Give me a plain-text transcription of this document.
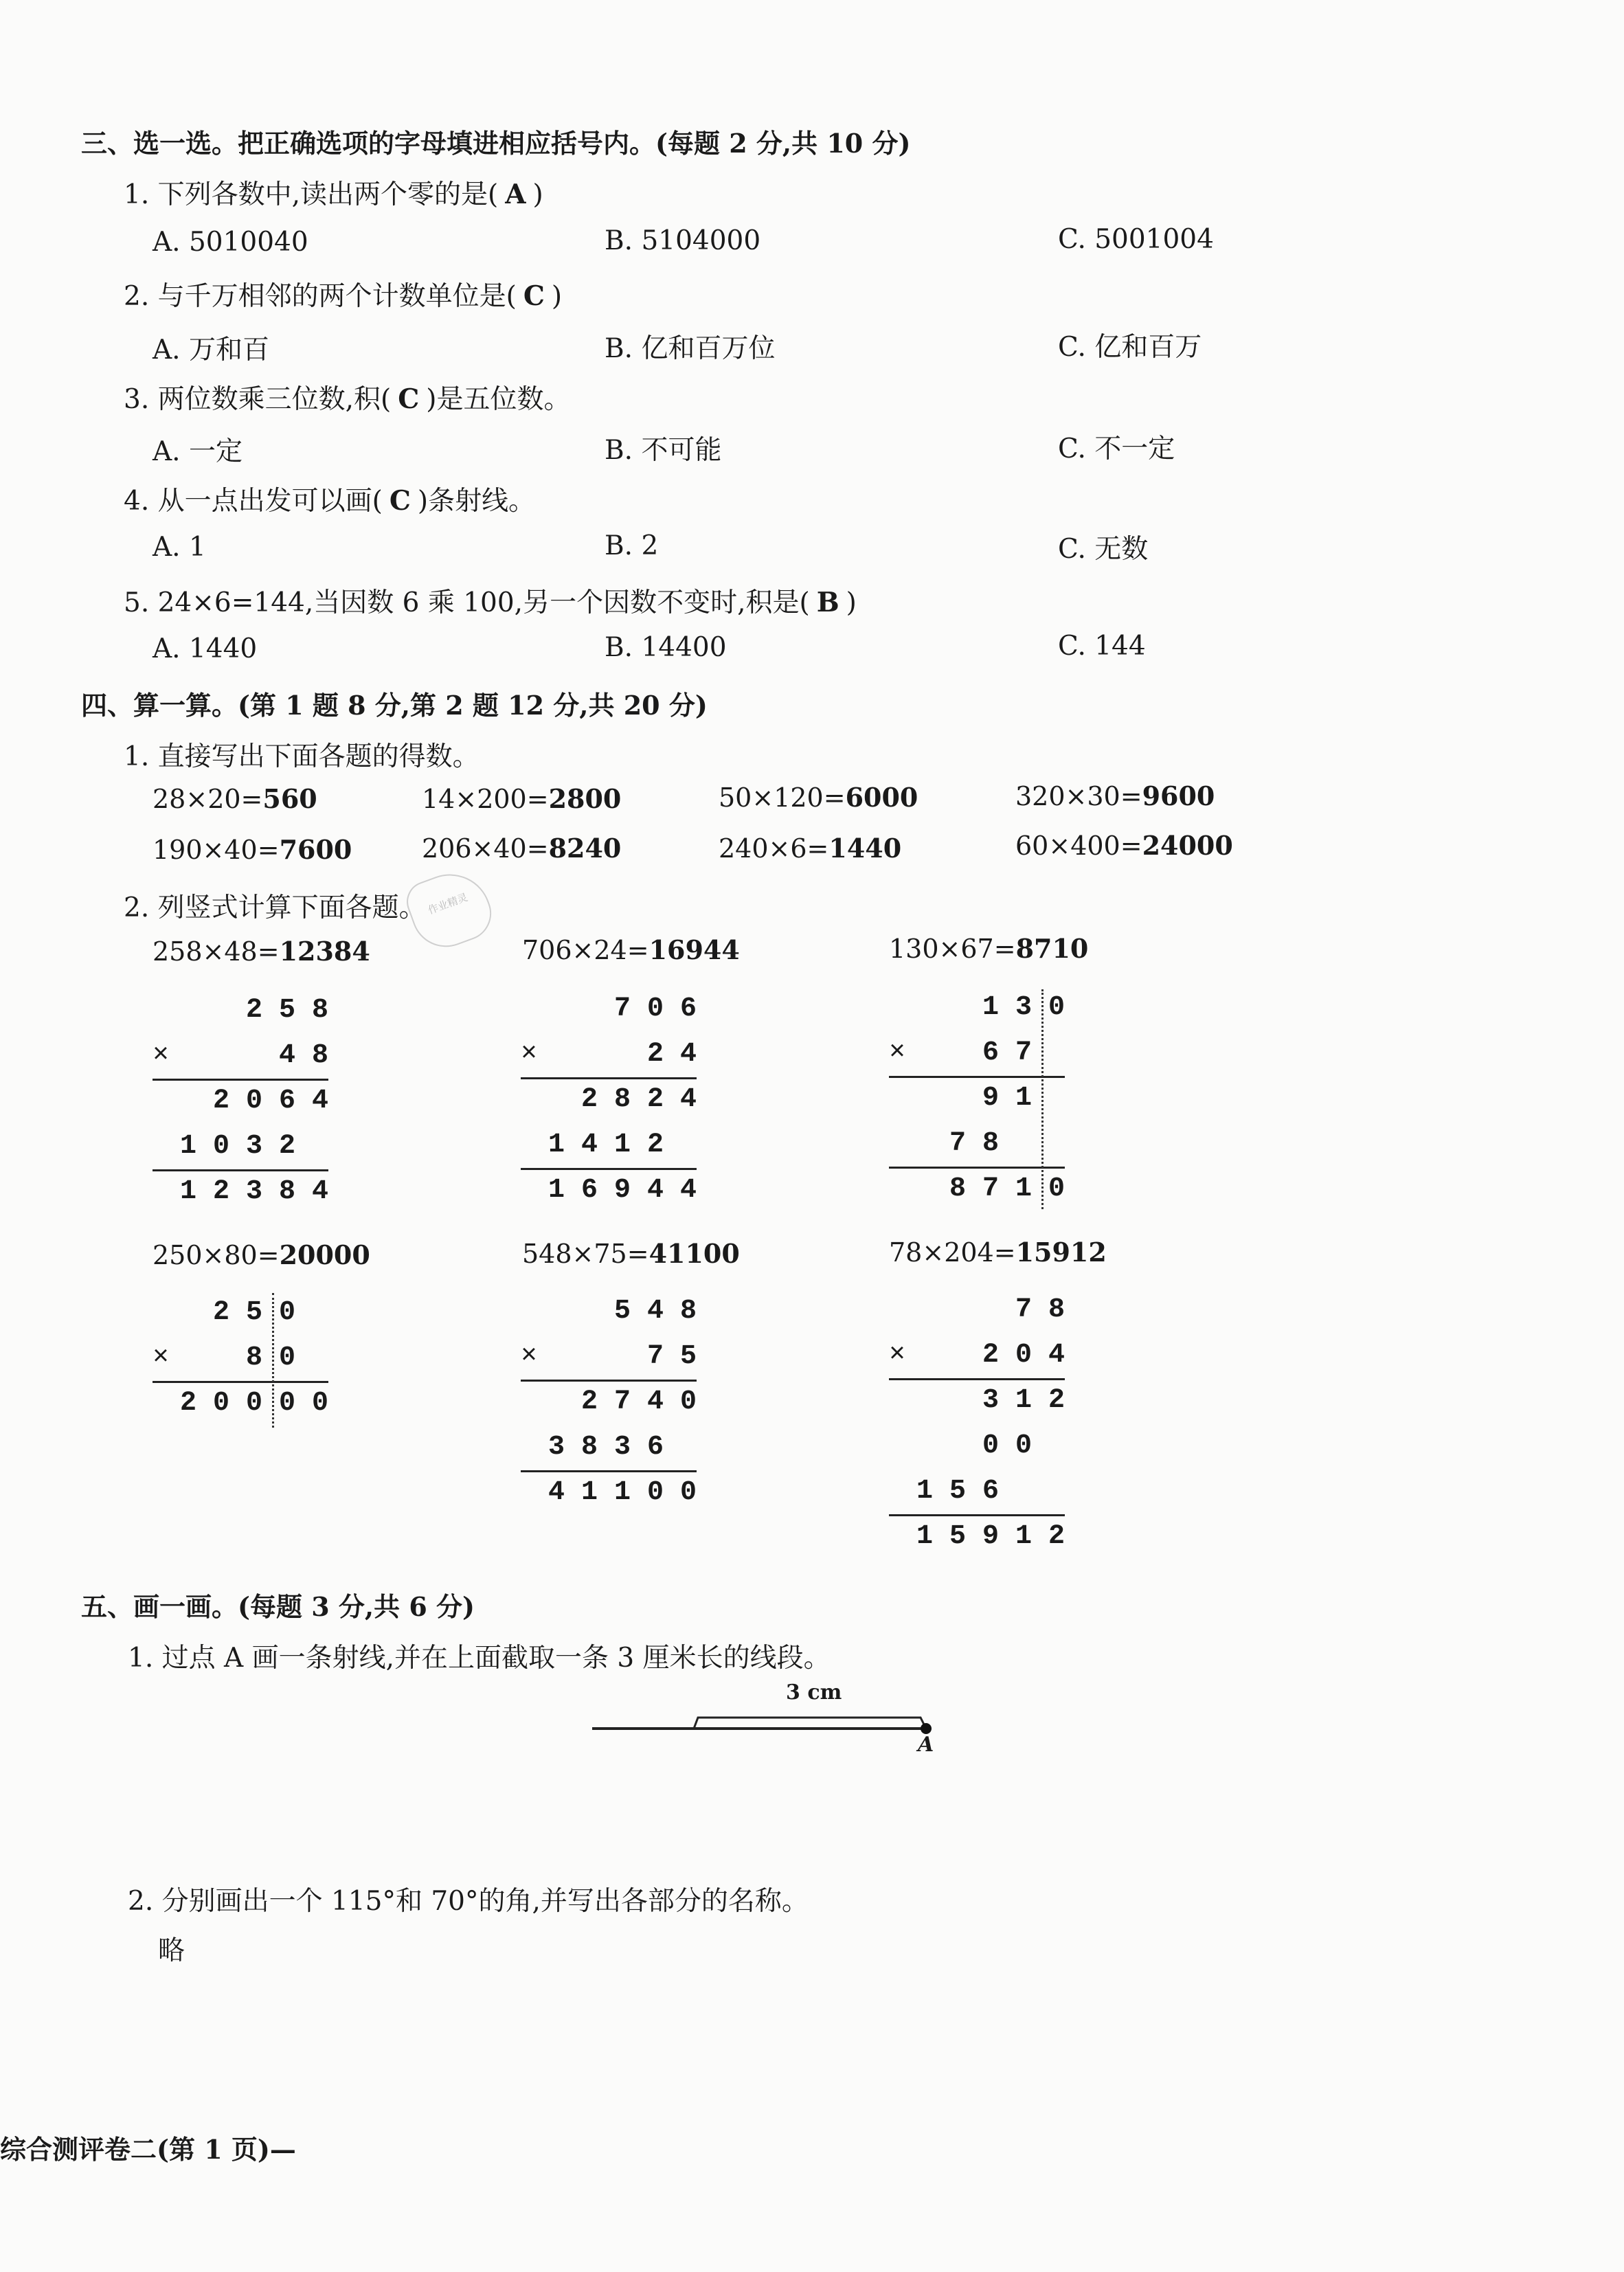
三、选一选。把正确选项的字母填进相应括号内。(每题 2 分,共 10 分)
1. 下列各数中,读出两个零的是( A )
A. 5010040	B. 5104000	C. 5001004
2. 与千万相邻的两个计数单位是( C )
A. 万和百	B. 亿和百万位	C. 亿和百万
3. 两位数乘三位数,积( C )是五位数。
A. 一定	B. 不可能	C. 不一定
4. 从一点出发可以画( C )条射线。
A. 1	B. 2	C. 无数
5. 24×6=144,当因数 6 乘 100,另一个因数不变时,积是( B )
A. 1440	B. 14400	C. 144
四、算一算。(第 1 题 8 分,第 2 题 12 分,共 20 分)
1. 直接写出下面各题的得数。
28×20=560	14×200=2800	50×120=6000	320×30=9600
190×40=7600	206×40=8240	240×6=1440	60×400=24000
2. 列竖式计算下面各题。 作业精灵
258×48=12384
2 5 8
×	4 8
2 0 6 4
1 0 3 2
1 2 3 8 4
706×24=16944
7 0 6
×	2 4
2 8 2 4
1 4 1 2
1 6 9 4 4
130×67=8710
1 3 0
×	6 7
9 1
7 8
8 7 1 0
250×80=20000
2 5 0
×	8 0
2 0 0 0 0
548×75=41100
5 4 8
×	7 5
2 7 4 0
3 8 3 6
4 1 1 0 0
78×204=15912
7 8
×	2 0 4
3 1 2
0 0
1 5 6
1 5 9 1 2
五、画一画。(每题 3 分,共 6 分)
1. 过点 A 画一条射线,并在上面截取一条 3 厘米长的线段。
3 cm
A
2. 分别画出一个 115°和 70°的角,并写出各部分的名称。
略
综合测评卷二(第 1 页)—
